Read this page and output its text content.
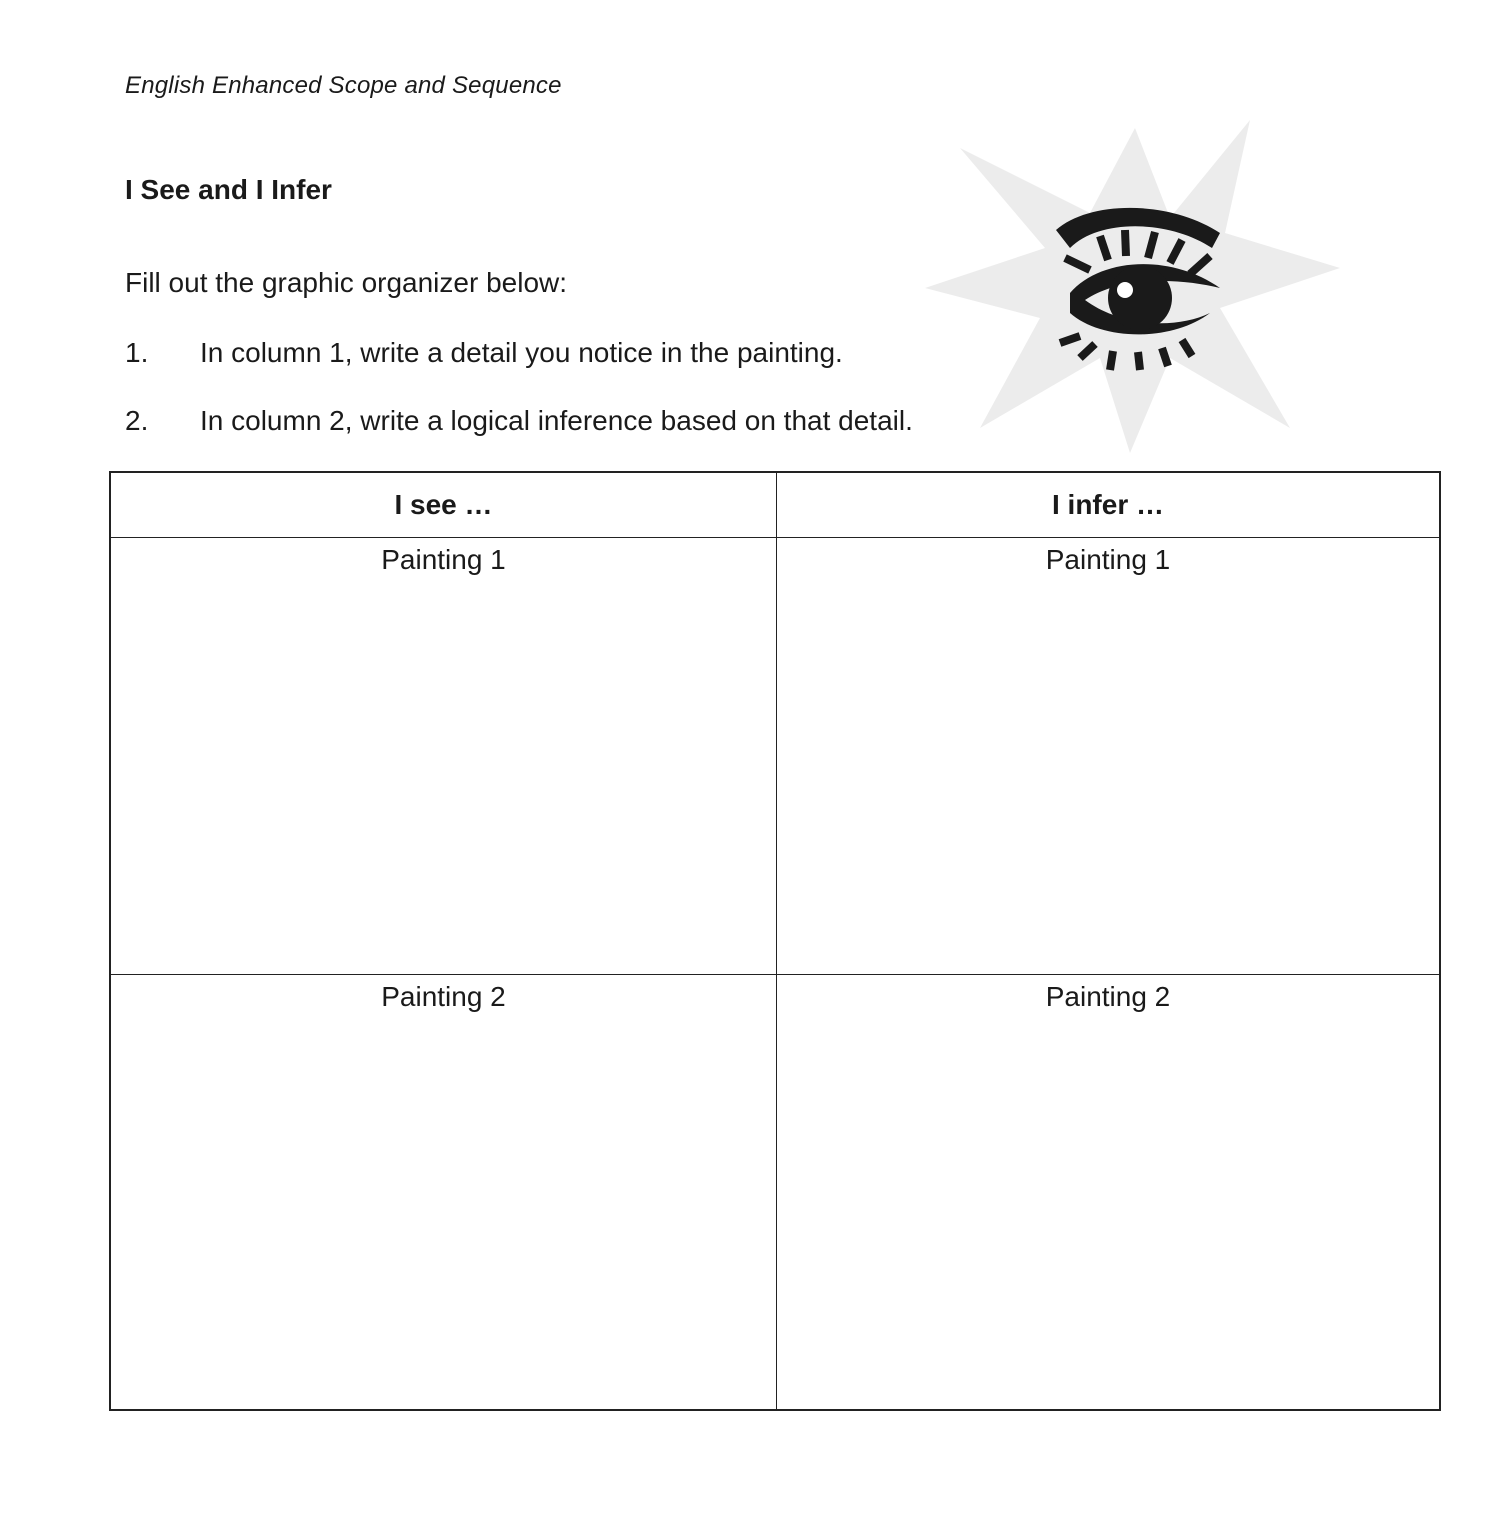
English Enhanced Scope and Sequence
I See and I Infer
Fill out the graphic organizer below:
1.	In column 1, write a detail you notice in the painting.
2.	In column 2, write a logical inference based on that detail.
I see …	I infer …
Painting 1	Painting 1
Painting 2	Painting 2
